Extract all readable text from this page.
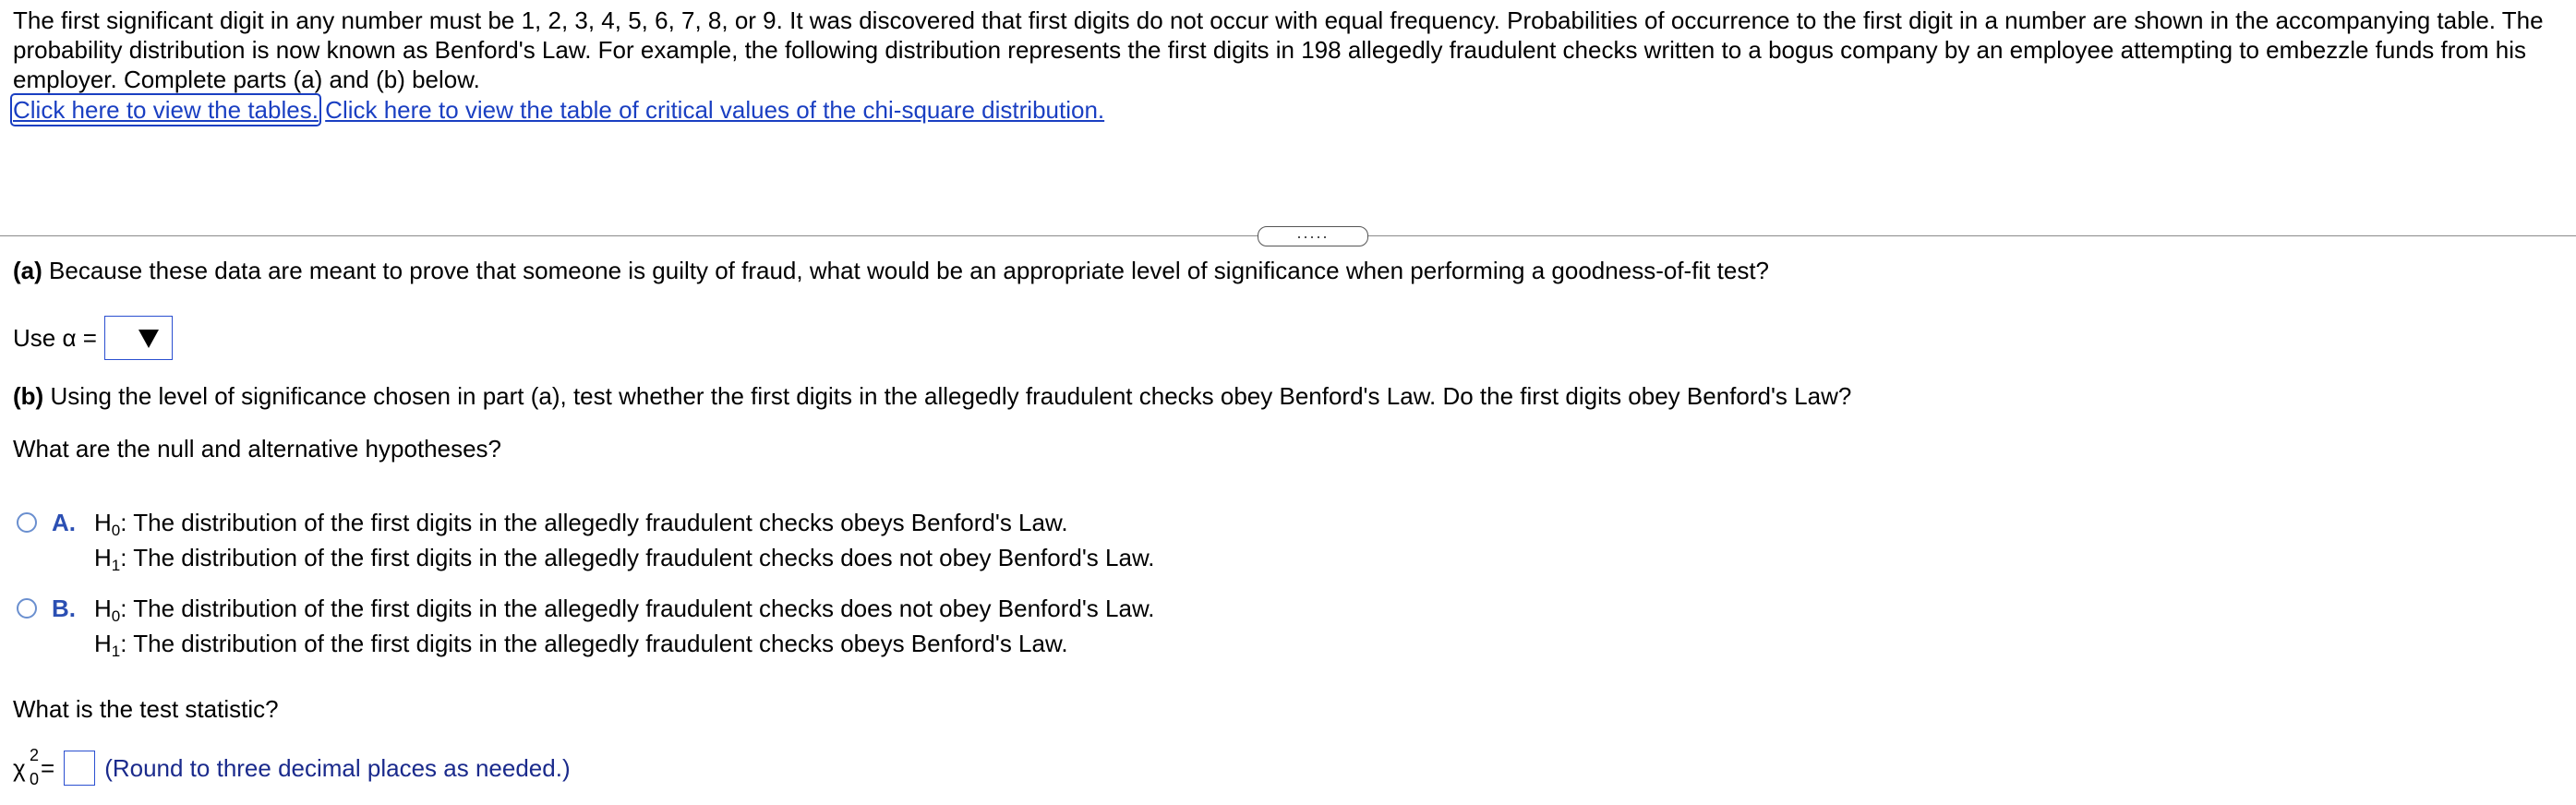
The first significant digit in any number must be 1, 2, 3, 4, 5, 6, 7, 8, or 9. It was discovered that first digits do not occur with equal frequency. Probabilities of occurrence to the first digit in a number are shown in the accompanying table. The probability distribution is now known as Benford's Law. For example, the following distribution represents the first digits in 198 allegedly fraudulent checks written to a bogus company by an employee attempting to embezzle funds from his employer. Complete parts (a) and (b) below.
Click here to view the tables. Click here to view the table of critical values of the chi-square distribution.
.....
(a) Because these data are meant to prove that someone is guilty of fraud, what would be an appropriate level of significance when performing a goodness-of-fit test?
Use α =
(b) Using the level of significance chosen in part (a), test whether the first digits in the allegedly fraudulent checks obey Benford's Law. Do the first digits obey Benford's Law?
What are the null and alternative hypotheses?
A. $H_0$: The distribution of the first digits in the allegedly fraudulent checks obeys Benford's Law.
$H_1$: The distribution of the first digits in the allegedly fraudulent checks does not obey Benford's Law.
B. $H_0$: The distribution of the first digits in the allegedly fraudulent checks does not obey Benford's Law.
$H_1$: The distribution of the first digits in the allegedly fraudulent checks obeys Benford's Law.
What is the test statistic?
χ 2
0 = (Round to three decimal places as needed.)
